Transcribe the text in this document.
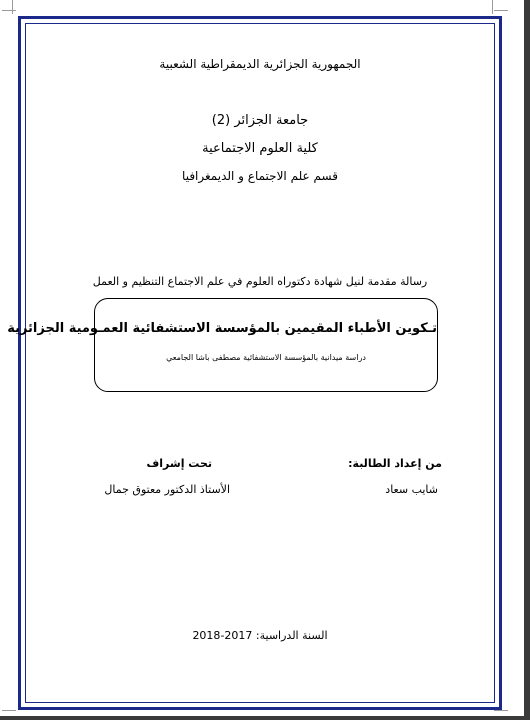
الجمهورية الجزائرية الديمقراطية الشعبية
جامعة الجزائر (2)
كلية العلوم الاجتماعية
قسم علم الاجتماع و الديمغرافيا
رسالة مقدمة لنيل شهادة دكتوراه العلوم في علم الاجتماع التنظيم و العمل
تـكوين الأطباء المقيمين بالمؤسسة الاستشفائية العمـومية الجزائرية
دراسة ميدانية بالمؤسسة الاستشفائية مصطفى باشا الجامعي
من إعداد الطالبة:
تحت إشراف
شايب سعاد
الأستاذ الدكتور معتوق جمال
السنة الدراسية: 2017-2018
